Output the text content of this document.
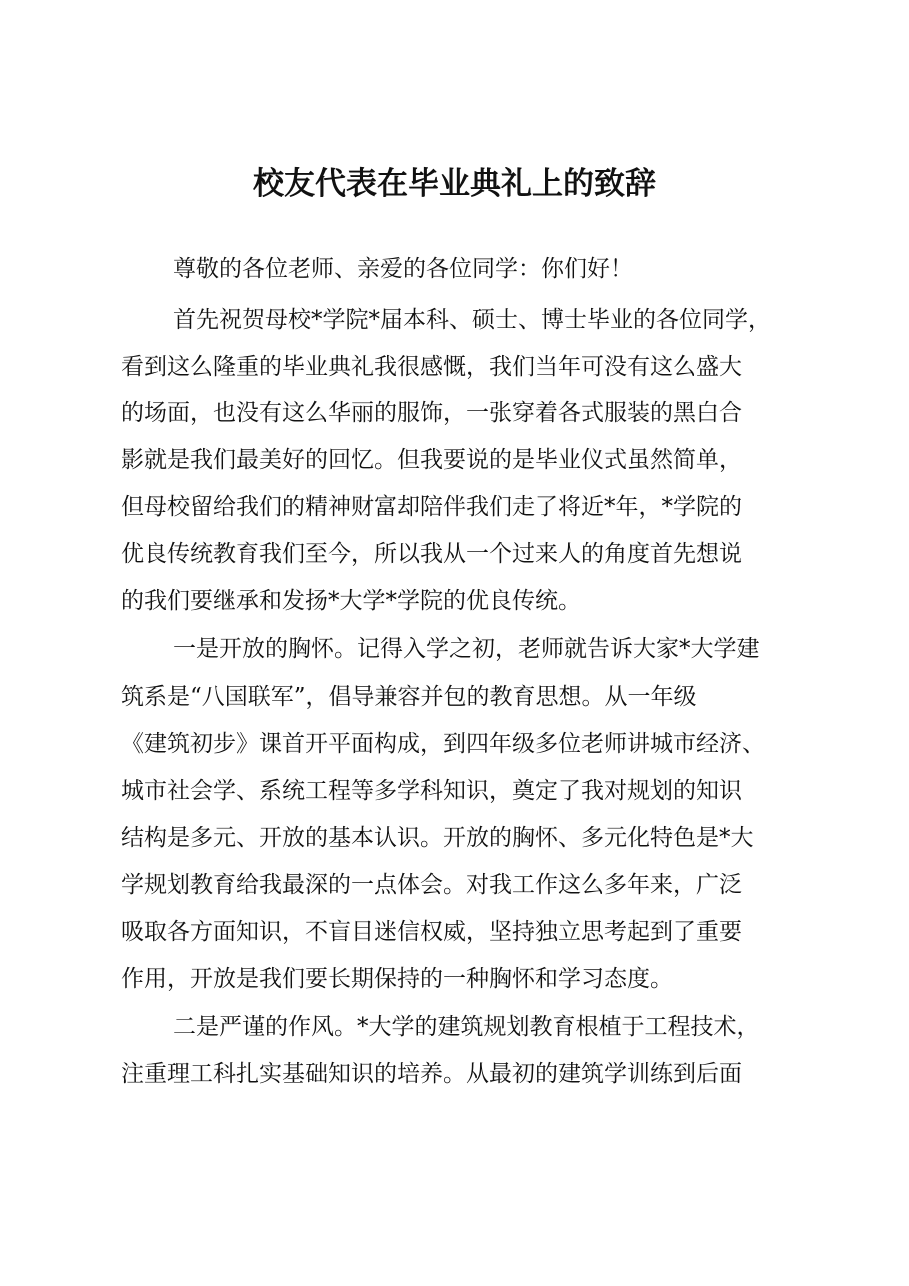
校友代表在毕业典礼上的致辞

尊敬的各位老师、亲爱的各位同学：你们好！

首先祝贺母校*学院*届本科、硕士、博士毕业的各位同学，

看到这么隆重的毕业典礼我很感慨，我们当年可没有这么盛大

的场面，也没有这么华丽的服饰，一张穿着各式服装的黑白合

影就是我们最美好的回忆。但我要说的是毕业仪式虽然简单，

但母校留给我们的精神财富却陪伴我们走了将近*年，*学院的

优良传统教育我们至今，所以我从一个过来人的角度首先想说

的我们要继承和发扬*大学*学院的优良传统。

一是开放的胸怀。记得入学之初，老师就告诉大家*大学建

筑系是“八国联军”，倡导兼容并包的教育思想。从一年级

《建筑初步》课首开平面构成，到四年级多位老师讲城市经济、

城市社会学、系统工程等多学科知识，奠定了我对规划的知识

结构是多元、开放的基本认识。开放的胸怀、多元化特色是*大

学规划教育给我最深的一点体会。对我工作这么多年来，广泛

吸取各方面知识，不盲目迷信权威，坚持独立思考起到了重要

作用，开放是我们要长期保持的一种胸怀和学习态度。

二是严谨的作风。*大学的建筑规划教育根植于工程技术，

注重理工科扎实基础知识的培养。从最初的建筑学训练到后面
